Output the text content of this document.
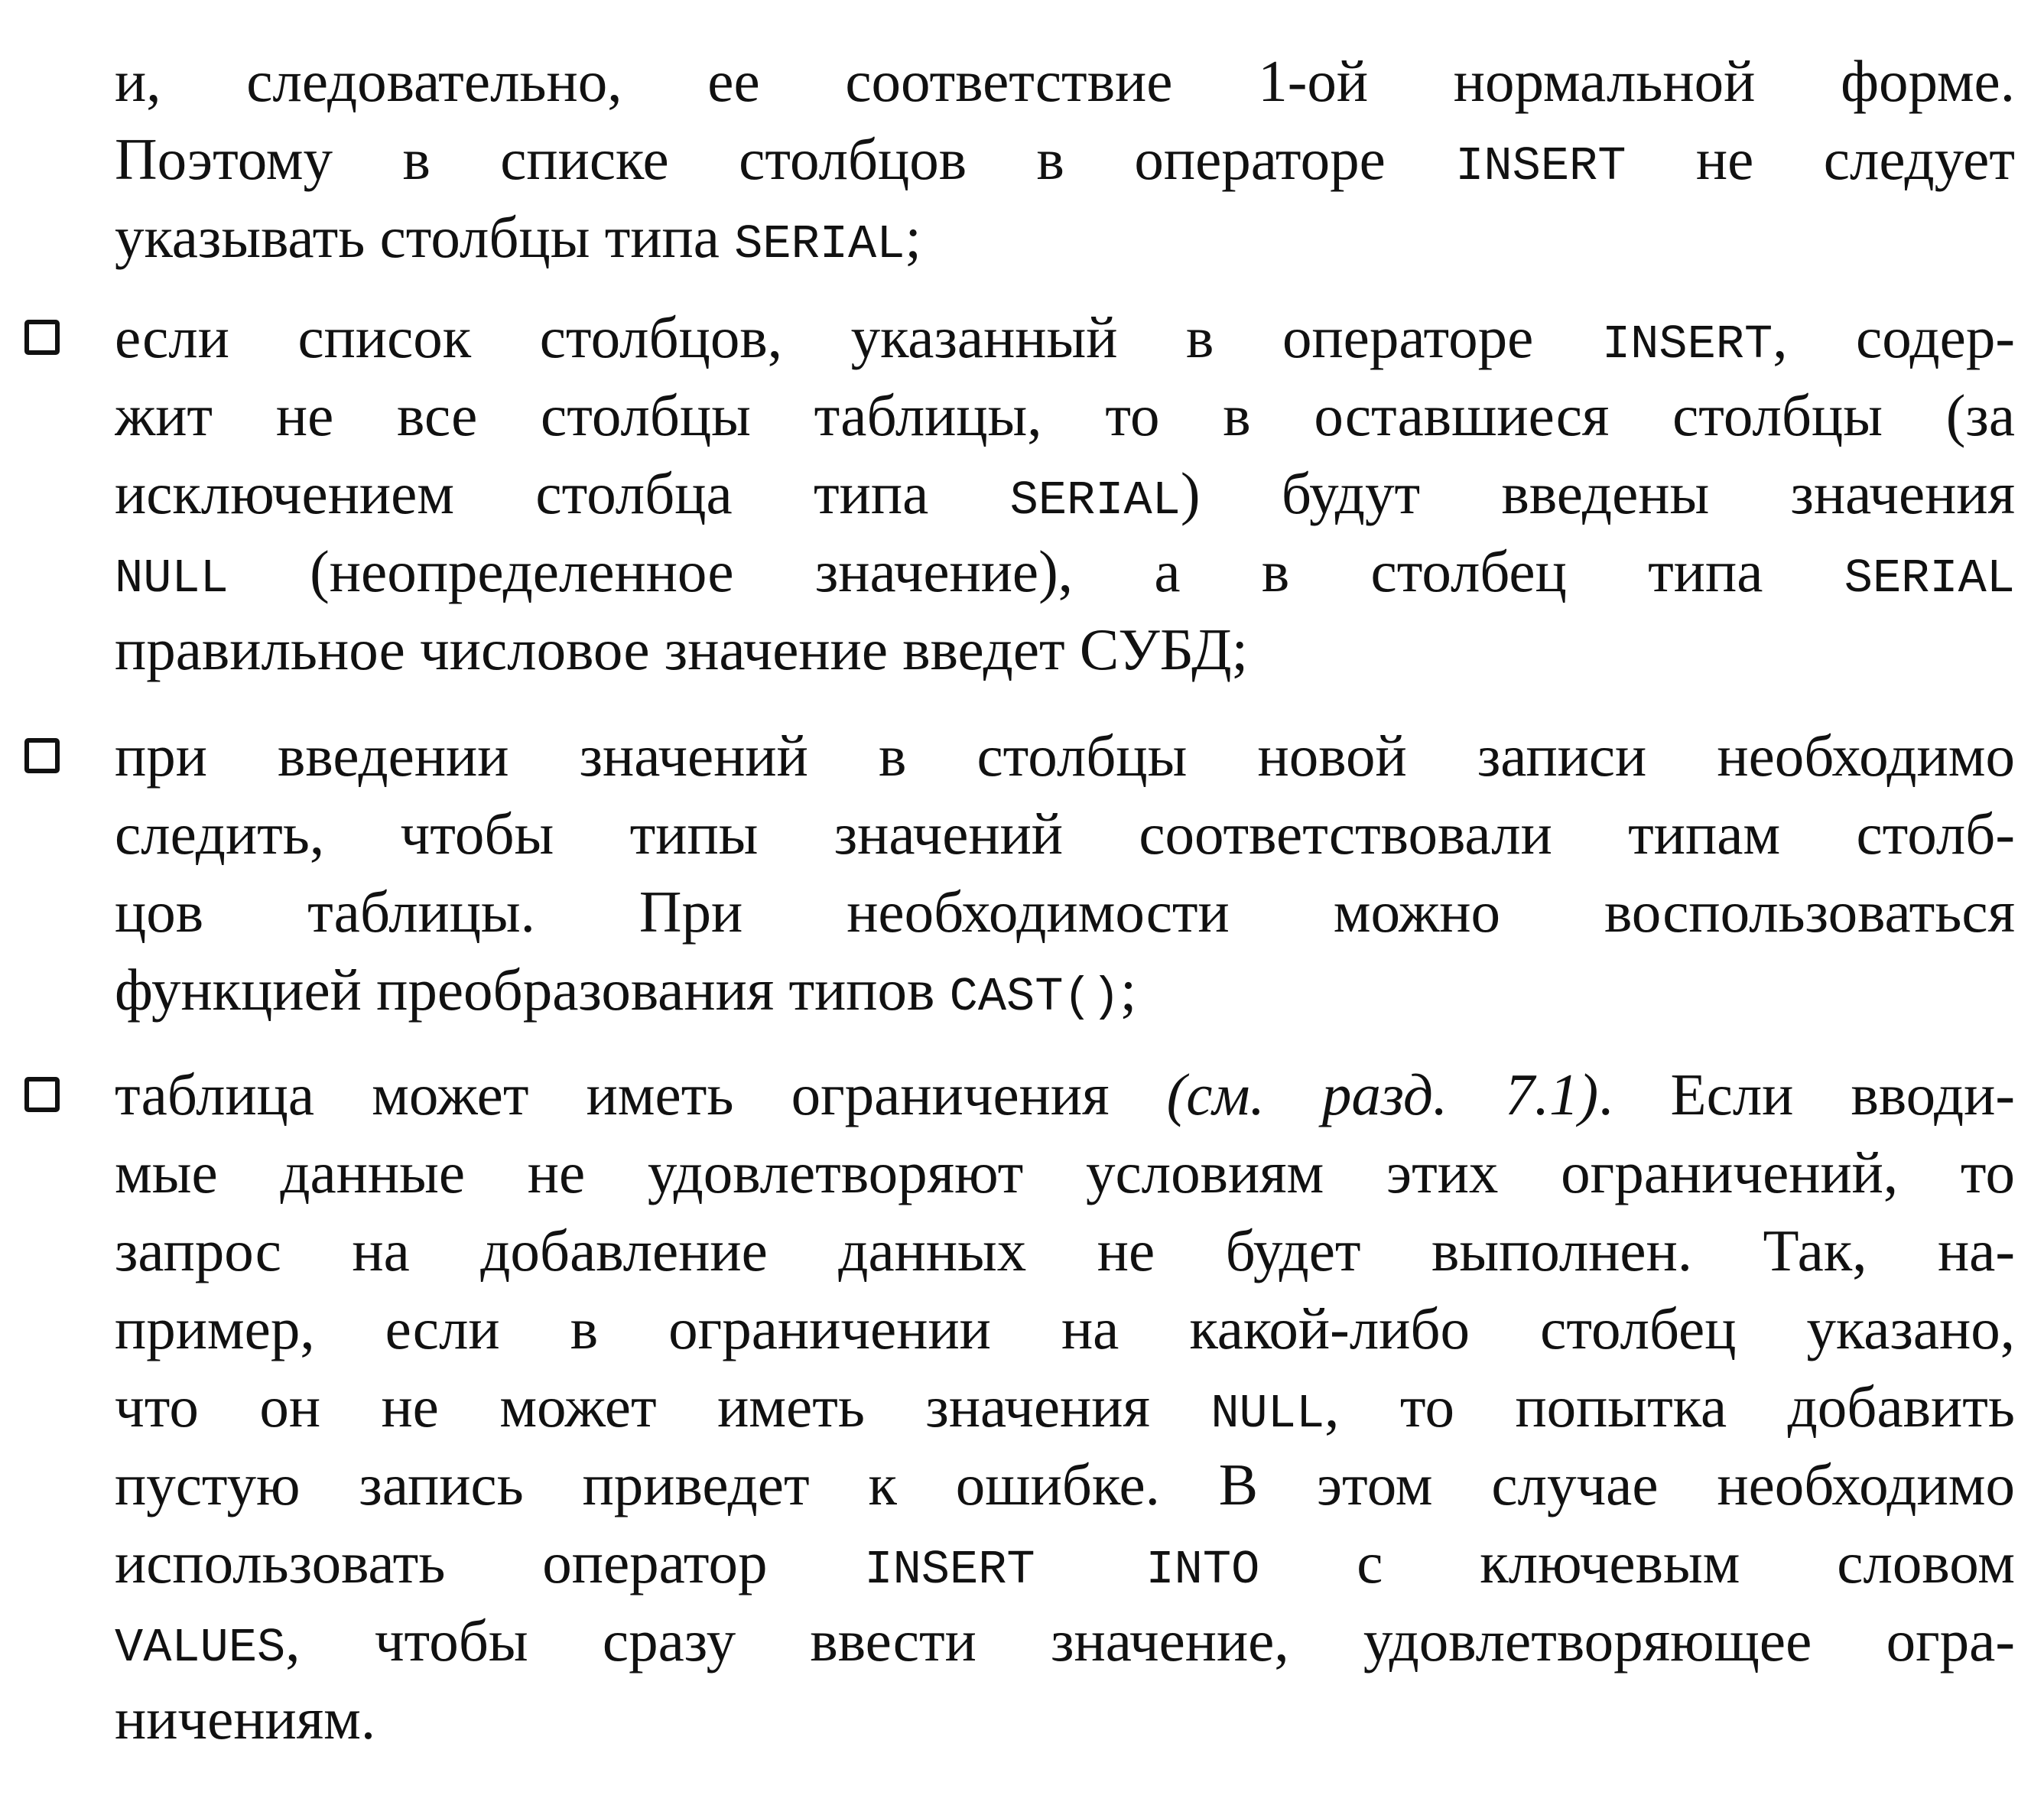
и, следовательно, ее соответствие 1-ой нормальной форме.
Поэтому в списке столбцов в операторе INSERT не следует
указывать столбцы типа SERIAL;
если список столбцов, указанный в операторе INSERT, содер-
жит не все столбцы таблицы, то в оставшиеся столбцы (за
исключением столбца типа SERIAL) будут введены значения
NULL (неопределенное значение), а в столбец типа SERIAL
правильное числовое значение введет СУБД;
при введении значений в столбцы новой записи необходимо
следить, чтобы типы значений соответствовали типам столб-
цов таблицы. При необходимости можно воспользоваться
функцией преобразования типов CAST();
таблица может иметь ограничения (см. разд. 7.1). Если вводи-
мые данные не удовлетворяют условиям этих ограничений, то
запрос на добавление данных не будет выполнен. Так, на-
пример, если в ограничении на какой-либо столбец указано,
что он не может иметь значения NULL, то попытка добавить
пустую запись приведет к ошибке. В этом случае необходимо
использовать оператор INSERT INTO с ключевым словом
VALUES, чтобы сразу ввести значение, удовлетворяющее огра-
ничениям.
